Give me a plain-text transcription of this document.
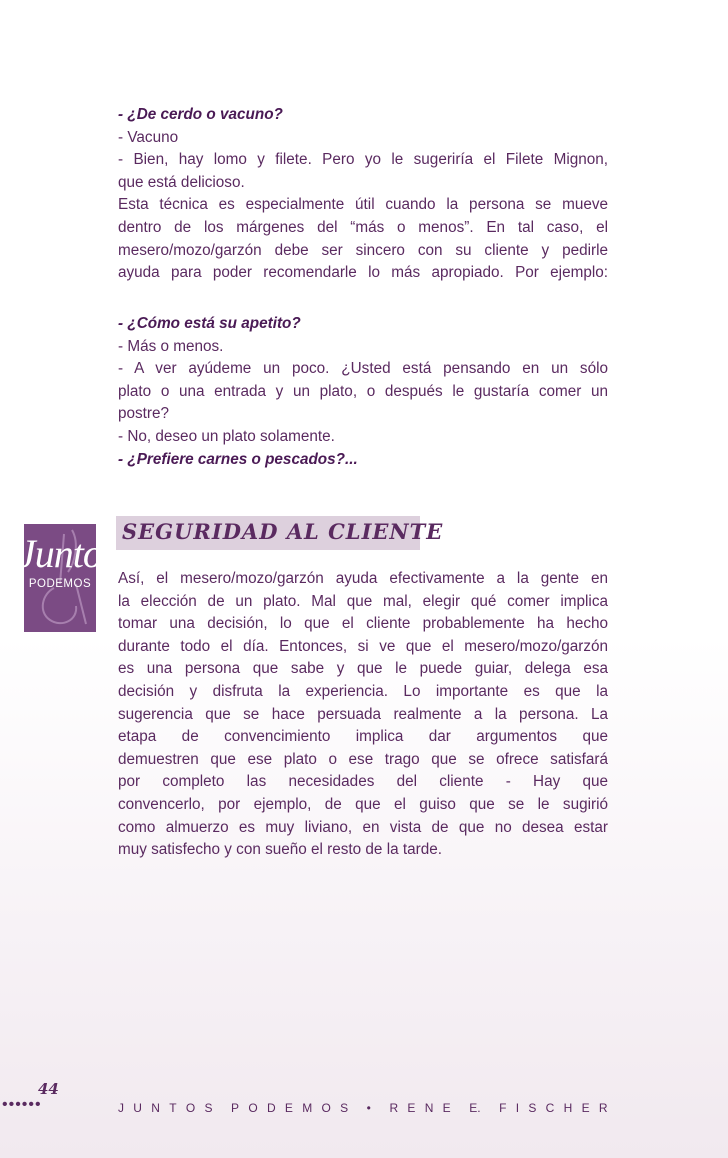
- ¿De cerdo o vacuno?
- Vacuno
- Bien, hay lomo y filete. Pero yo le sugeriría el Filete Mignon,
que está delicioso.
Esta técnica es especialmente útil cuando la persona se mueve
dentro de los márgenes del “más o menos”. En tal caso, el
mesero/mozo/garzón debe ser sincero con su cliente y pedirle
ayuda para poder recomendarle lo más apropiado. Por ejemplo:
- ¿Cómo está su apetito?
- Más o menos.
- A ver ayúdeme un poco. ¿Usted está pensando en un sólo
plato o una entrada y un plato, o después le gustaría comer un
postre?
- No, deseo un plato solamente.
- ¿Prefiere carnes o pescados?...
Juntos
PODEMOS
SEGURIDAD AL CLIENTE
Así, el mesero/mozo/garzón ayuda efectivamente a la gente en
la elección de un plato. Mal que mal, elegir qué comer implica
tomar una decisión, lo que el cliente probablemente ha hecho
durante todo el día. Entonces, si ve que el mesero/mozo/garzón
es una persona que sabe y que le puede guiar, delega esa
decisión y disfruta la experiencia. Lo importante es que la
sugerencia que se hace persuada realmente a la persona. La
etapa de convencimiento implica dar argumentos que
demuestren que ese plato o ese trago que se ofrece satisfará
por completo las necesidades del cliente - Hay que
convencerlo, por ejemplo, de que el guiso que se le sugirió
como almuerzo es muy liviano, en vista de que no desea estar
muy satisfecho y con sueño el resto de la tarde.
44
••••••	J U N T O S P O D E M O S • R E N E E. F I S C H E R
